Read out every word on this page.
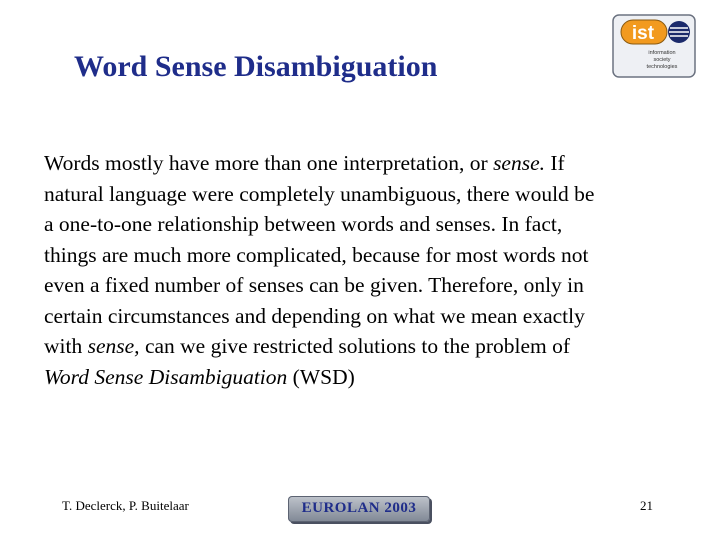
Word Sense Disambiguation
ist
information
society
technologies
Words mostly have more than one interpretation, or sense. If
natural language were completely unambiguous, there would be
a one-to-one relationship between words and senses. In fact,
things are much more complicated, because for most words not
even a fixed number of senses can be given. Therefore, only in
certain circumstances and depending on what we mean exactly
with sense, can we give restricted solutions to the problem of
Word Sense Disambiguation (WSD)
T. Declerck, P. Buitelaar	EUROLAN 2003	21
